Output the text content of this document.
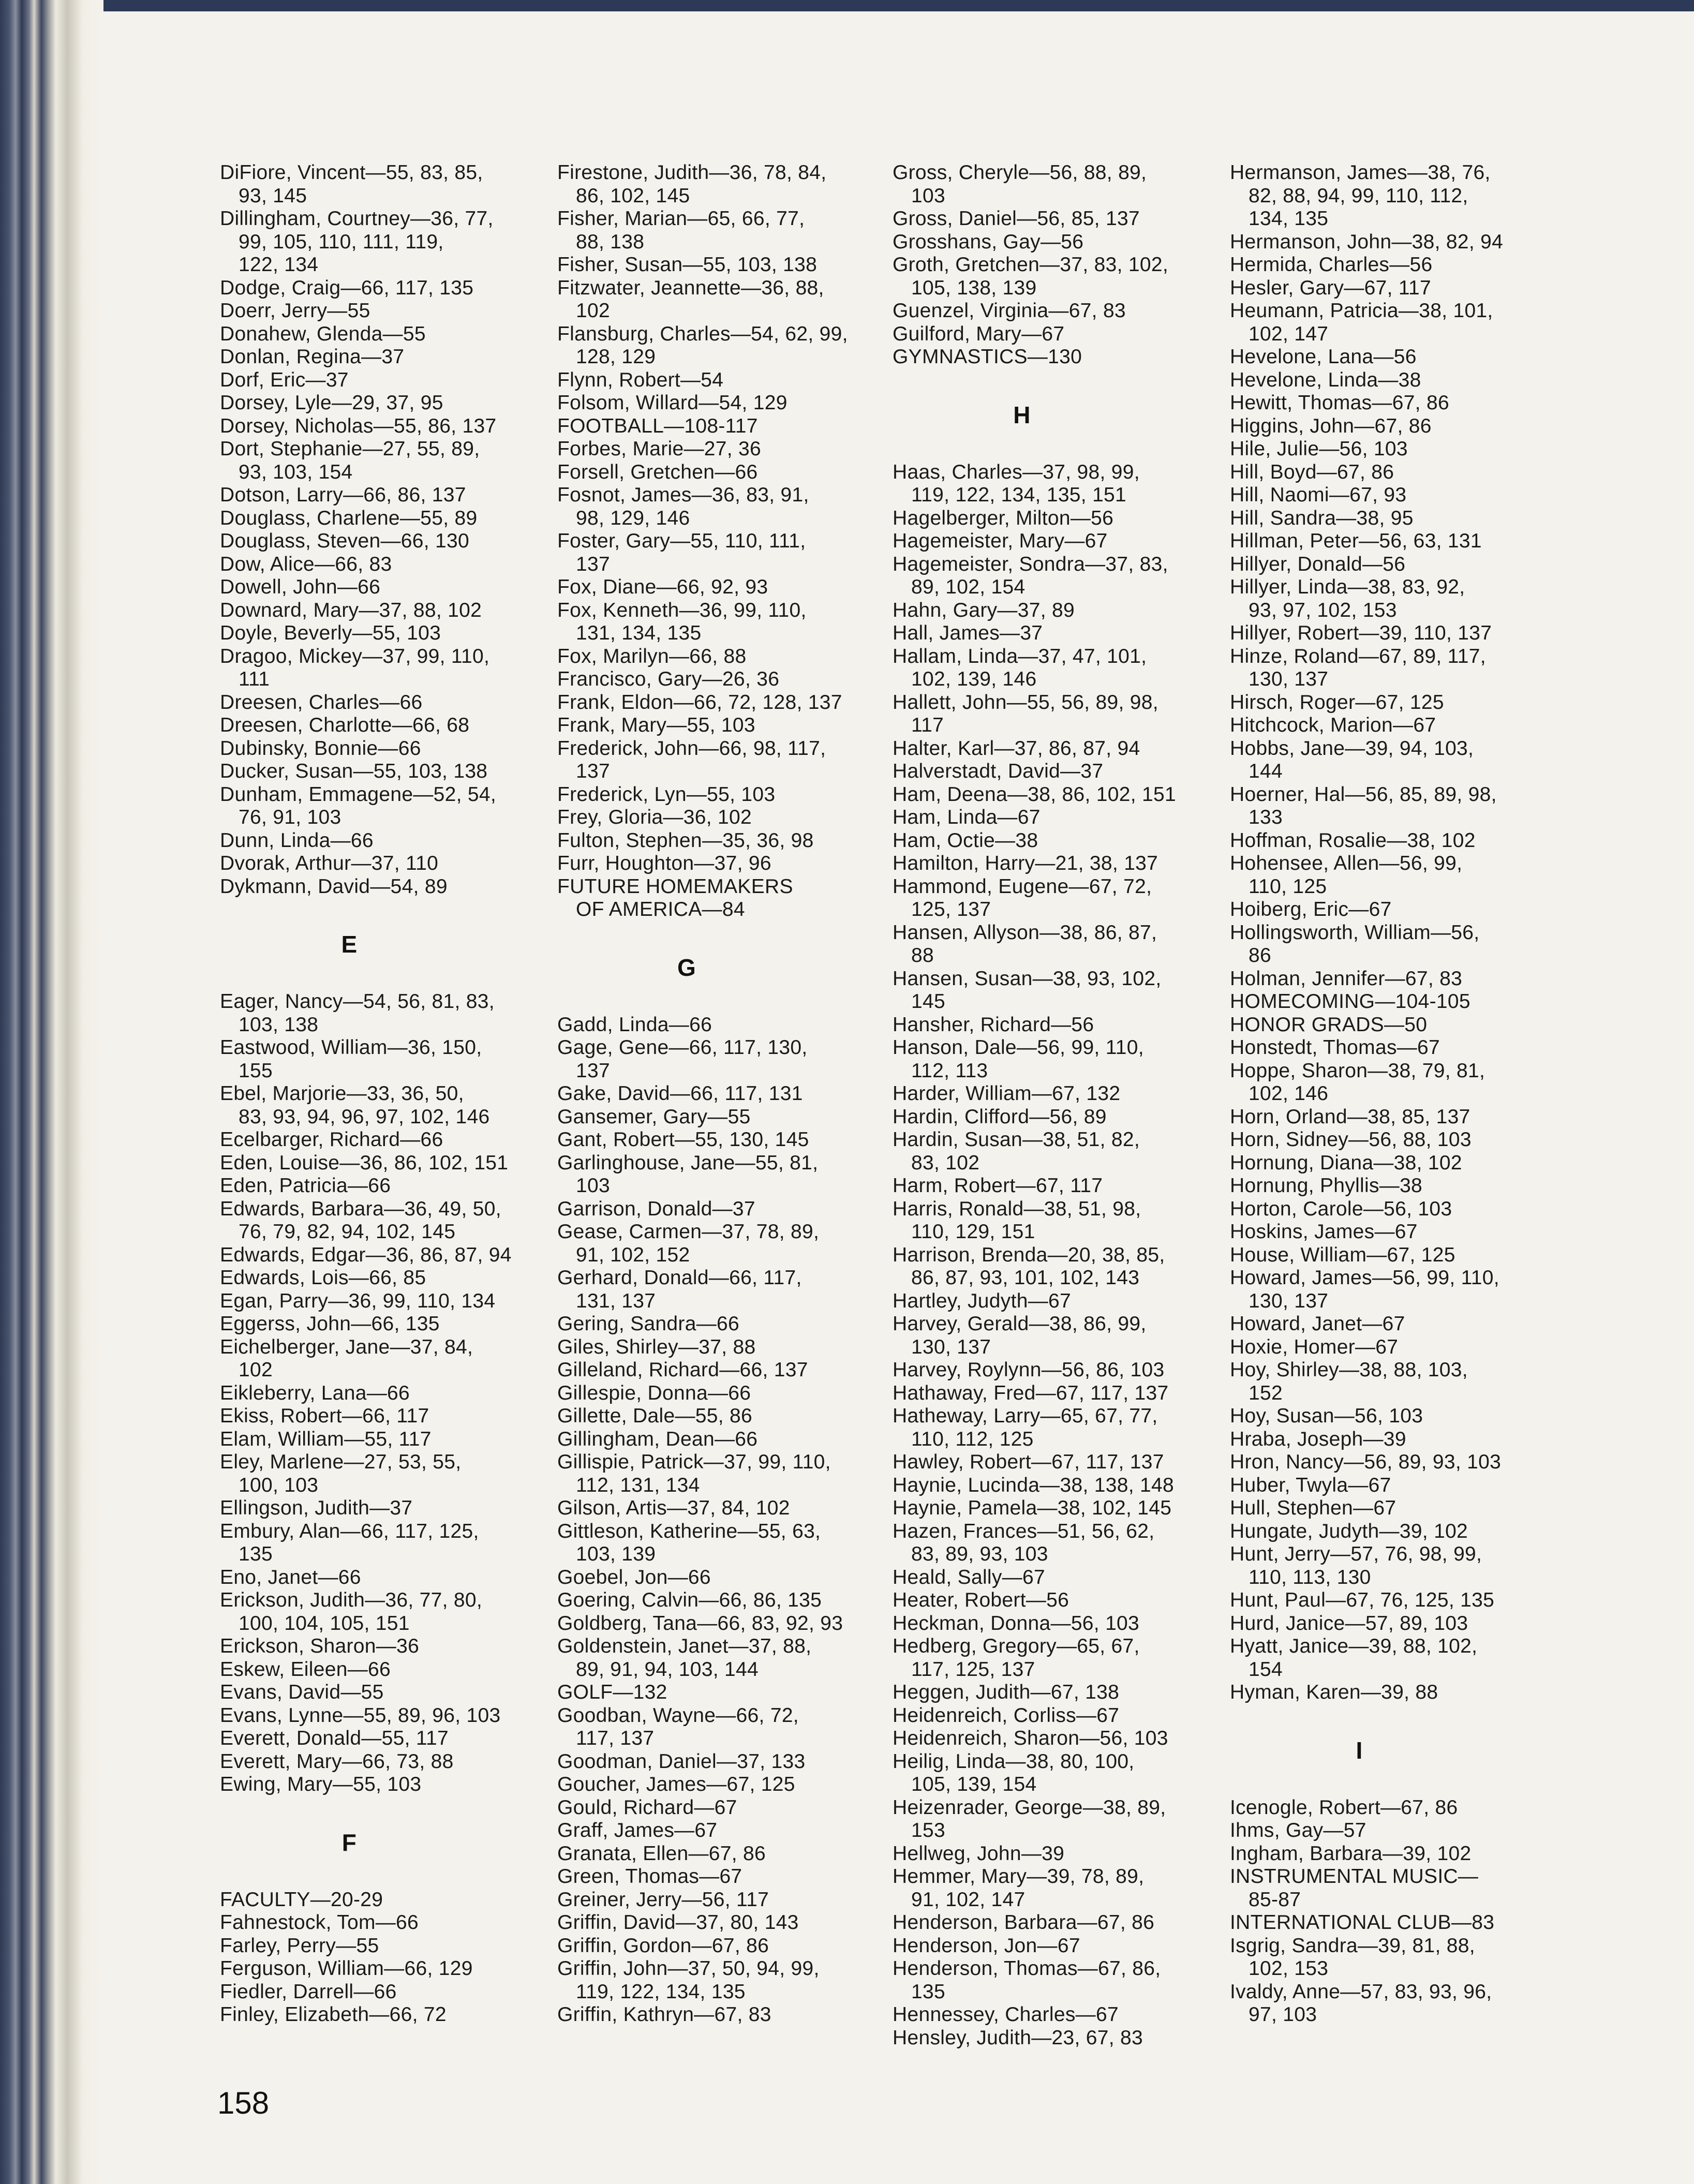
DiFiore, Vincent—55, 83, 85,
93, 145
Dillingham, Courtney—36, 77,
99, 105, 110, 111, 119,
122, 134
Dodge, Craig—66, 117, 135
Doerr, Jerry—55
Donahew, Glenda—55
Donlan, Regina—37
Dorf, Eric—37
Dorsey, Lyle—29, 37, 95
Dorsey, Nicholas—55, 86, 137
Dort, Stephanie—27, 55, 89,
93, 103, 154
Dotson, Larry—66, 86, 137
Douglass, Charlene—55, 89
Douglass, Steven—66, 130
Dow, Alice—66, 83
Dowell, John—66
Downard, Mary—37, 88, 102
Doyle, Beverly—55, 103
Dragoo, Mickey—37, 99, 110,
111
Dreesen, Charles—66
Dreesen, Charlotte—66, 68
Dubinsky, Bonnie—66
Ducker, Susan—55, 103, 138
Dunham, Emmagene—52, 54,
76, 91, 103
Dunn, Linda—66
Dvorak, Arthur—37, 110
Dykmann, David—54, 89
E
Eager, Nancy—54, 56, 81, 83,
103, 138
Eastwood, William—36, 150,
155
Ebel, Marjorie—33, 36, 50,
83, 93, 94, 96, 97, 102, 146
Ecelbarger, Richard—66
Eden, Louise—36, 86, 102, 151
Eden, Patricia—66
Edwards, Barbara—36, 49, 50,
76, 79, 82, 94, 102, 145
Edwards, Edgar—36, 86, 87, 94
Edwards, Lois—66, 85
Egan, Parry—36, 99, 110, 134
Eggerss, John—66, 135
Eichelberger, Jane—37, 84,
102
Eikleberry, Lana—66
Ekiss, Robert—66, 117
Elam, William—55, 117
Eley, Marlene—27, 53, 55,
100, 103
Ellingson, Judith—37
Embury, Alan—66, 117, 125,
135
Eno, Janet—66
Erickson, Judith—36, 77, 80,
100, 104, 105, 151
Erickson, Sharon—36
Eskew, Eileen—66
Evans, David—55
Evans, Lynne—55, 89, 96, 103
Everett, Donald—55, 117
Everett, Mary—66, 73, 88
Ewing, Mary—55, 103
F
FACULTY—20-29
Fahnestock, Tom—66
Farley, Perry—55
Ferguson, William—66, 129
Fiedler, Darrell—66
Finley, Elizabeth—66, 72
Firestone, Judith—36, 78, 84,
86, 102, 145
Fisher, Marian—65, 66, 77,
88, 138
Fisher, Susan—55, 103, 138
Fitzwater, Jeannette—36, 88,
102
Flansburg, Charles—54, 62, 99,
128, 129
Flynn, Robert—54
Folsom, Willard—54, 129
FOOTBALL—108-117
Forbes, Marie—27, 36
Forsell, Gretchen—66
Fosnot, James—36, 83, 91,
98, 129, 146
Foster, Gary—55, 110, 111,
137
Fox, Diane—66, 92, 93
Fox, Kenneth—36, 99, 110,
131, 134, 135
Fox, Marilyn—66, 88
Francisco, Gary—26, 36
Frank, Eldon—66, 72, 128, 137
Frank, Mary—55, 103
Frederick, John—66, 98, 117,
137
Frederick, Lyn—55, 103
Frey, Gloria—36, 102
Fulton, Stephen—35, 36, 98
Furr, Houghton—37, 96
FUTURE HOMEMAKERS
OF AMERICA—84
G
Gadd, Linda—66
Gage, Gene—66, 117, 130,
137
Gake, David—66, 117, 131
Gansemer, Gary—55
Gant, Robert—55, 130, 145
Garlinghouse, Jane—55, 81,
103
Garrison, Donald—37
Gease, Carmen—37, 78, 89,
91, 102, 152
Gerhard, Donald—66, 117,
131, 137
Gering, Sandra—66
Giles, Shirley—37, 88
Gilleland, Richard—66, 137
Gillespie, Donna—66
Gillette, Dale—55, 86
Gillingham, Dean—66
Gillispie, Patrick—37, 99, 110,
112, 131, 134
Gilson, Artis—37, 84, 102
Gittleson, Katherine—55, 63,
103, 139
Goebel, Jon—66
Goering, Calvin—66, 86, 135
Goldberg, Tana—66, 83, 92, 93
Goldenstein, Janet—37, 88,
89, 91, 94, 103, 144
GOLF—132
Goodban, Wayne—66, 72,
117, 137
Goodman, Daniel—37, 133
Goucher, James—67, 125
Gould, Richard—67
Graff, James—67
Granata, Ellen—67, 86
Green, Thomas—67
Greiner, Jerry—56, 117
Griffin, David—37, 80, 143
Griffin, Gordon—67, 86
Griffin, John—37, 50, 94, 99,
119, 122, 134, 135
Griffin, Kathryn—67, 83
Gross, Cheryle—56, 88, 89,
103
Gross, Daniel—56, 85, 137
Grosshans, Gay—56
Groth, Gretchen—37, 83, 102,
105, 138, 139
Guenzel, Virginia—67, 83
Guilford, Mary—67
GYMNASTICS—130
H
Haas, Charles—37, 98, 99,
119, 122, 134, 135, 151
Hagelberger, Milton—56
Hagemeister, Mary—67
Hagemeister, Sondra—37, 83,
89, 102, 154
Hahn, Gary—37, 89
Hall, James—37
Hallam, Linda—37, 47, 101,
102, 139, 146
Hallett, John—55, 56, 89, 98,
117
Halter, Karl—37, 86, 87, 94
Halverstadt, David—37
Ham, Deena—38, 86, 102, 151
Ham, Linda—67
Ham, Octie—38
Hamilton, Harry—21, 38, 137
Hammond, Eugene—67, 72,
125, 137
Hansen, Allyson—38, 86, 87,
88
Hansen, Susan—38, 93, 102,
145
Hansher, Richard—56
Hanson, Dale—56, 99, 110,
112, 113
Harder, William—67, 132
Hardin, Clifford—56, 89
Hardin, Susan—38, 51, 82,
83, 102
Harm, Robert—67, 117
Harris, Ronald—38, 51, 98,
110, 129, 151
Harrison, Brenda—20, 38, 85,
86, 87, 93, 101, 102, 143
Hartley, Judyth—67
Harvey, Gerald—38, 86, 99,
130, 137
Harvey, Roylynn—56, 86, 103
Hathaway, Fred—67, 117, 137
Hatheway, Larry—65, 67, 77,
110, 112, 125
Hawley, Robert—67, 117, 137
Haynie, Lucinda—38, 138, 148
Haynie, Pamela—38, 102, 145
Hazen, Frances—51, 56, 62,
83, 89, 93, 103
Heald, Sally—67
Heater, Robert—56
Heckman, Donna—56, 103
Hedberg, Gregory—65, 67,
117, 125, 137
Heggen, Judith—67, 138
Heidenreich, Corliss—67
Heidenreich, Sharon—56, 103
Heilig, Linda—38, 80, 100,
105, 139, 154
Heizenrader, George—38, 89,
153
Hellweg, John—39
Hemmer, Mary—39, 78, 89,
91, 102, 147
Henderson, Barbara—67, 86
Henderson, Jon—67
Henderson, Thomas—67, 86,
135
Hennessey, Charles—67
Hensley, Judith—23, 67, 83
Hermanson, James—38, 76,
82, 88, 94, 99, 110, 112,
134, 135
Hermanson, John—38, 82, 94
Hermida, Charles—56
Hesler, Gary—67, 117
Heumann, Patricia—38, 101,
102, 147
Hevelone, Lana—56
Hevelone, Linda—38
Hewitt, Thomas—67, 86
Higgins, John—67, 86
Hile, Julie—56, 103
Hill, Boyd—67, 86
Hill, Naomi—67, 93
Hill, Sandra—38, 95
Hillman, Peter—56, 63, 131
Hillyer, Donald—56
Hillyer, Linda—38, 83, 92,
93, 97, 102, 153
Hillyer, Robert—39, 110, 137
Hinze, Roland—67, 89, 117,
130, 137
Hirsch, Roger—67, 125
Hitchcock, Marion—67
Hobbs, Jane—39, 94, 103,
144
Hoerner, Hal—56, 85, 89, 98,
133
Hoffman, Rosalie—38, 102
Hohensee, Allen—56, 99,
110, 125
Hoiberg, Eric—67
Hollingsworth, William—56,
86
Holman, Jennifer—67, 83
HOMECOMING—104-105
HONOR GRADS—50
Honstedt, Thomas—67
Hoppe, Sharon—38, 79, 81,
102, 146
Horn, Orland—38, 85, 137
Horn, Sidney—56, 88, 103
Hornung, Diana—38, 102
Hornung, Phyllis—38
Horton, Carole—56, 103
Hoskins, James—67
House, William—67, 125
Howard, James—56, 99, 110,
130, 137
Howard, Janet—67
Hoxie, Homer—67
Hoy, Shirley—38, 88, 103,
152
Hoy, Susan—56, 103
Hraba, Joseph—39
Hron, Nancy—56, 89, 93, 103
Huber, Twyla—67
Hull, Stephen—67
Hungate, Judyth—39, 102
Hunt, Jerry—57, 76, 98, 99,
110, 113, 130
Hunt, Paul—67, 76, 125, 135
Hurd, Janice—57, 89, 103
Hyatt, Janice—39, 88, 102,
154
Hyman, Karen—39, 88
I
Icenogle, Robert—67, 86
Ihms, Gay—57
Ingham, Barbara—39, 102
INSTRUMENTAL MUSIC—
85-87
INTERNATIONAL CLUB—83
Isgrig, Sandra—39, 81, 88,
102, 153
Ivaldy, Anne—57, 83, 93, 96,
97, 103
158
